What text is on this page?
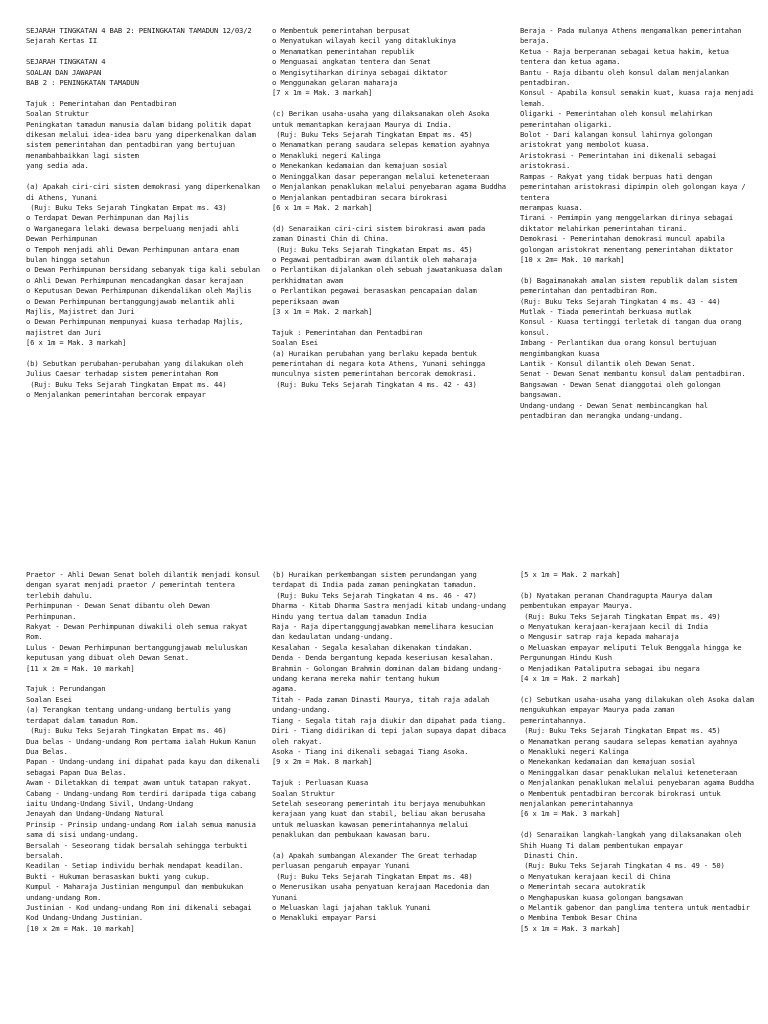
SEJARAH TINGKATAN 4 BAB 2: PENINGKATAN TAMADUN 12/03/2

Sejarah Kertas II

SEJARAH TINGKATAN 4

SOALAN DAN JAWAPAN

BAB 2 : PENINGKATAN TAMADUN

Tajuk : Pemerintahan dan Pentadbiran

Soalan Struktur

Peningkatan tamadun manusia dalam bidang politik dapat dikesan melalui idea-idea baru yang diperkenalkan dalam sistem pemerintahan dan pentadbiran yang bertujuan menambahbaikkan lagi sistem

yang sedia ada.

(a) Apakah ciri-ciri sistem demokrasi yang diperkenalkan di Athens, Yunani

(Ruj: Buku Teks Sejarah Tingkatan Empat ms. 43)

o Terdapat Dewan Perhimpunan dan Majlis

o Warganegara lelaki dewasa berpeluang menjadi ahli Dewan Perhimpunan

o Tempoh menjadi ahli Dewan Perhimpunan antara enam bulan hingga setahun

o Dewan Perhimpunan bersidang sebanyak tiga kali sebulan

o Ahli Dewan Perhimpunan mencadangkan dasar kerajaan

o Keputusan Dewan Perhimpunan dikendalikan oleh Majlis

o Dewan Perhimpunan bertanggungjawab melantik ahli Majlis, Majistret dan Juri

o Dewan Perhimpunan mempunyai kuasa terhadap Majlis, majistret dan Juri

[6 x 1m = Mak. 3 markah]

(b) Sebutkan perubahan-perubahan yang dilakukan oleh Julius Caesar terhadap sistem pemerintahan Rom

(Ruj: Buku Teks Sejarah Tingkatan Empat ms. 44)

o Menjalankan pemerintahan bercorak empayar

o Membentuk pemerintahan berpusat

o Menyatukan wilayah kecil yang ditaklukinya

o Menamatkan pemerintahan republik

o Menguasai angkatan tentera dan Senat

o Mengisytiharkan dirinya sebagai diktator

o Menggunakan gelaran maharaja

[7 x 1m = Mak. 3 markah]

(c) Berikan usaha-usaha yang dilaksanakan oleh Asoka untuk memantapkan kerajaan Maurya di India.

(Ruj: Buku Teks Sejarah Tingkatan Empat ms. 45)

o Menamatkan perang saudara selepas kemation ayahnya

o Menakluki negeri Kalinga

o Menekankan kedamaian dan kemajuan sosial

o Meninggalkan dasar peperangan melalui keteneteraan

o Menjalankan penaklukan melalui penyebaran agama Buddha

o Menjalankan pentadbiran secara birokrasi

[6 x 1m = Mak. 2 markah]

(d) Senaraikan ciri-ciri sistem birokrasi awam pada zaman Dinasti Chin di China.

(Ruj: Buku Teks Sejarah Tingkatan Empat ms. 45)

o Pegawai pentadbiran awam dilantik oleh maharaja

o Perlantikan dijalankan oleh sebuah jawatankuasa dalam perkhidmatan awam

o Perlantikan pegawai berasaskan pencapaian dalam peperiksaan awam

[3 x 1m = Mak. 2 markah]

Tajuk : Pemerintahan dan Pentadbiran

Soalan Esei

(a) Huraikan perubahan yang berlaku kepada bentuk pemerintahan di negara kota Athens, Yunani sehingga munculnya sistem pemerintahan bercorak demokrasi.

(Ruj: Buku Teks Sejarah Tingkatan 4 ms. 42 - 43)

Beraja - Pada mulanya Athens mengamalkan pemerintahan beraja.

Ketua - Raja berperanan sebagai ketua hakim, ketua tentera dan ketua agama.

Bantu - Raja dibantu oleh konsul dalam menjalankan pentadbiran.

Konsul - Apabila konsul semakin kuat, kuasa raja menjadi lemah.

Oligarki - Pemerintahan oleh konsul melahirkan pemerintahan oligarki.

Bolot - Dari kalangan konsul lahirnya golongan aristokrat yang membolot kuasa.

Aristokrasi - Pemerintahan ini dikenali sebagai aristokrasi.

Rampas - Rakyat yang tidak berpuas hati dengan pemerintahan aristokrasi dipimpin oleh golongan kaya / tentera

merampas kuasa.

Tirani - Pemimpin yang menggelarkan dirinya sebagai diktator melahirkan pemerintahan tirani.

Demokrasi - Pemerintahan demokrasi muncul apabila golongan aristokrat menentang pemerintahan diktator

[10 x 2m= Mak. 10 markah]

(b) Bagaimanakah amalan sistem republik dalam sistem pemerintahan dan pentadbiran Rom.

(Ruj: Buku Teks Sejarah Tingkatan 4 ms. 43 - 44)

Mutlak - Tiada pemerintah berkuasa mutlak

Konsul - Kuasa tertinggi terletak di tangan dua orang konsul.

Imbang - Perlantikan dua orang konsul bertujuan mengimbangkan kuasa

Lantik - Konsul dilantik oleh Dewan Senat.

Senat - Dewan Senat membantu konsul dalam pentadbiran.

Bangsawan - Dewan Senat dianggotai oleh golongan bangsawan.

Undang-undang - Dewan Senat membincangkan hal pentadbiran dan merangka undang-undang.

Praetor - Ahli Dewan Senat boleh dilantik menjadi konsul dengan syarat menjadi praetor / pemerintah tentera

terlebih dahulu.

Perhimpunan - Dewan Senat dibantu oleh Dewan Perhimpunan.

Rakyat - Dewan Perhimpunan diwakili oleh semua rakyat Rom.

Lulus - Dewan Perhimpunan bertanggungjawab meluluskan keputusan yang dibuat oleh Dewan Senat.

[11 x 2m = Mak. 10 markah]

Tajuk : Perundangan

Soalan Esei

(a) Terangkan tentang undang-undang bertulis yang terdapat dalam tamadun Rom.

(Ruj: Buku Teks Sejarah Tingkatan Empat ms. 46)

Dua belas - Undang-undang Rom pertama ialah Hukum Kanun Dua Belas.

Papan - Undang-undang ini dipahat pada kayu dan dikenali sebagai Papan Dua Belas.

Awam - Diletakkan di tempat awam untuk tatapan rakyat.

Cabang - Undang-undang Rom terdiri daripada tiga cabang iaitu Undang-Undang Sivil, Undang-Undang

Jenayah dan Undang-Undang Natural

Prinsip - Prinsip undang-undang Rom ialah semua manusia sama di sisi undang-undang.

Bersalah - Seseorang tidak bersalah sehingga terbukti bersalah.

Keadilan - Setiap individu berhak mendapat keadilan.

Bukti - Hukuman berasaskan bukti yang cukup.

Kumpul - Maharaja Justinian mengumpul dan membukukan undang-undang Rom.

Justinian - Kod undang-undang Rom ini dikenali sebagai Kod Undang-Undang Justinian.

[10 x 2m = Mak. 10 markah]

(b) Huraikan perkembangan sistem perundangan yang terdapat di India pada zaman peningkatan tamadun.

(Ruj: Buku Teks Sejarah Tingkatan 4 ms. 46 - 47)

Dharma - Kitab Dharma Sastra menjadi kitab undang-undang Hindu yang tertua dalam tamadun India

Raja - Raja dipertanggungjawabkan memelihara kesucian dan kedaulatan undang-undang.

Kesalahan - Segala kesalahan dikenakan tindakan.

Denda - Denda bergantung kepada keseriusan kesalahan.

Brahmin - Golongan Brahmin dominan dalam bidang undang-undang kerana mereka mahir tentang hukum

agama.

Titah - Pada zaman Dinasti Maurya, titah raja adalah undang-undang.

Tiang - Segala titah raja diukir dan dipahat pada tiang.

Diri - Tiang didirikan di tepi jalan supaya dapat dibaca oleh rakyat.

Asoka - Tiang ini dikenali sebagai Tiang Asoka.

[9 x 2m = Mak. 8 markah]

Tajuk : Perluasan Kuasa

Soalan Struktur

Setelah seseorang pemerintah itu berjaya menubuhkan kerajaan yang kuat dan stabil, beliau akan berusaha

untuk meluaskan kawasan pemerintahannya melalui penaklukan dan pembukaan kawasan baru.

(a) Apakah sumbangan Alexander The Great terhadap perluasan pengaruh empayar Yunani

(Ruj: Buku Teks Sejarah Tingkatan Empat ms. 48)

o Menerusikan usaha penyatuan kerajaan Macedonia dan Yunani

o Meluaskan lagi jajahan takluk Yunani

o Menakluki empayar Parsi

[5 x 1m = Mak. 2 markah]

(b) Nyatakan peranan Chandragupta Maurya dalam pembentukan empayar Maurya.

(Ruj: Buku Teks Sejarah Tingkatan Empat ms. 49)

o Menyatukan kerajaan-kerajaan kecil di India

o Mengusir satrap raja kepada maharaja

o Meluaskan empayar meliputi Teluk Benggala hingga ke Pergunungan Hindu Kush

o Menjadikan Pataliputra sebagai ibu negara

[4 x 1m = Mak. 2 markah]

(c) Sebutkan usaha-usaha yang dilakukan oleh Asoka dalam mengukuhkan empayar Maurya pada zaman

pemerintahannya.

(Ruj: Buku Teks Sejarah Tingkatan Empat ms. 45)

o Menamatkan perang saudara selepas kematian ayahnya

o Menakluki negeri Kalinga

o Menekankan kedamaian dan kemajuan sosial

o Meninggalkan dasar penaklukan melalui keteneteraan

o Menjalankan penaklukan melalui penyebaran agama Buddha

o Membentuk pentadbiran bercorak birokrasi untuk menjalankan pemerintahannya

[6 x 1m = Mak. 3 markah]

(d) Senaraikan langkah-langkah yang dilaksanakan oleh Shih Huang Ti dalam pembentukan empayar

Dinasti Chin.

(Ruj: Buku Teks Sejarah Tingkatan 4 ms. 49 - 50)

o Menyatukan kerajaan kecil di China

o Memerintah secara autokratik

o Menghapuskan kuasa golongan bangsawan

o Melantik gabenor dan panglima tentera untuk mentadbir

o Membina Tembok Besar China

[5 x 1m = Mak. 3 markah]
